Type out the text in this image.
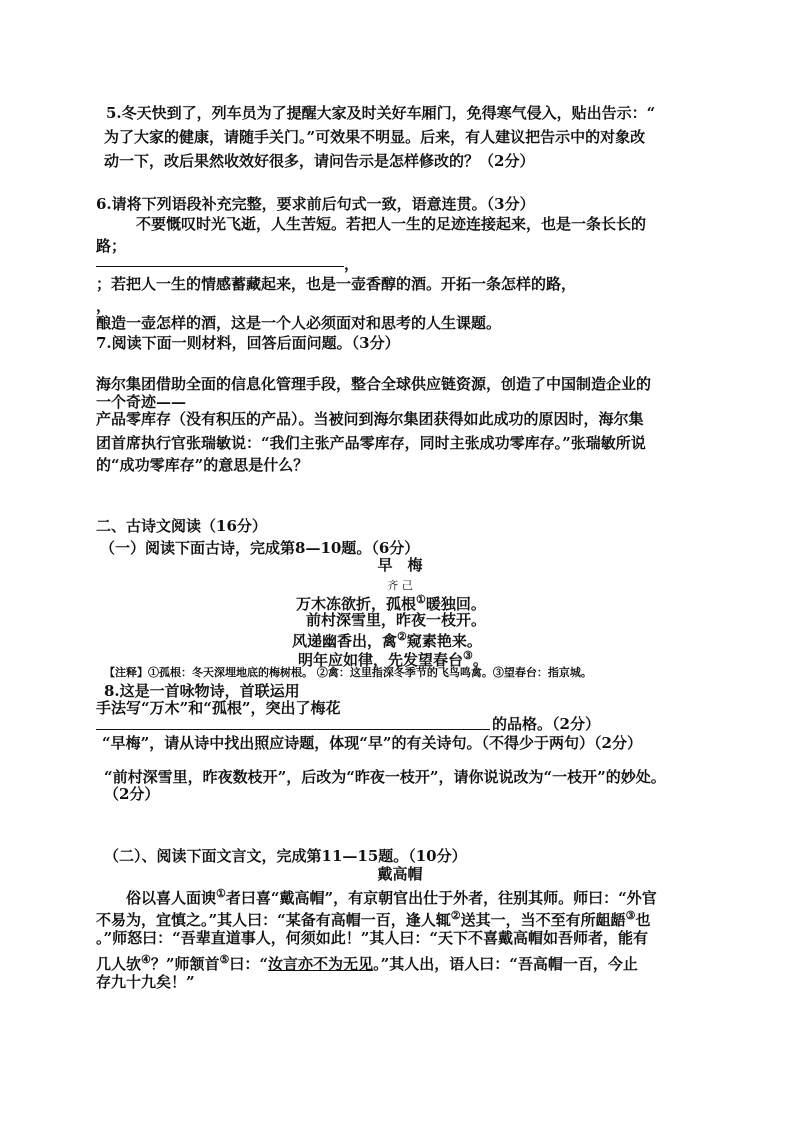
5.冬天快到了，列车员为了提醒大家及时关好车厢门，免得寒气侵入，贴出告示：“
为了大家的健康，请随手关门。”可效果不明显。后来，有人建议把告示中的对象改
动一下，改后果然收效好很多，请问告示是怎样修改的？（2分）
6.请将下列语段补充完整，要求前后句式一致，语意连贯。（3分）
不要慨叹时光飞逝，人生苦短。若把人一生的足迹连接起来，也是一条长长的
路；
，
；若把人一生的情感蓄藏起来，也是一壶香醇的酒。开拓一条怎样的路，
，
酿造一壶怎样的酒，这是一个人必须面对和思考的人生课题。
7.阅读下面一则材料，回答后面问题。（3分）
海尔集团借助全面的信息化管理手段，整合全球供应链资源，创造了中国制造企业的
一个奇迹——
产品零库存（没有积压的产品）。当被问到海尔集团获得如此成功的原因时，海尔集
团首席执行官张瑞敏说：“我们主张产品零库存，同时主张成功零库存。”张瑞敏所说
的“成功零库存”的意思是什么？
二、古诗文阅读（16分）
（一）阅读下面古诗，完成第8—10题。（6分）
早　梅
齐 己
万木冻欲折，孤根①暖独回。
前村深雪里，昨夜一枝开。
风递幽香出，禽②窥素艳来。
明年应如律，先发望春台③。
【注释】①孤根：冬天深埋地底的梅树根。 ②禽：这里指深冬季节的飞鸟鸣禽。③望春台：指京城。
8.这是一首咏物诗，首联运用
手法写“万木”和“孤根”，突出了梅花
的品格。（2分）
“早梅”，请从诗中找出照应诗题，体现“早”的有关诗句。（不得少于两句）（2分）
“前村深雪里，昨夜数枝开”，后改为“昨夜一枝开”，请你说说改为“一枝开”的妙处。
（2分）
（二）、阅读下面文言文，完成第11—15题。（10分）
戴高帽
俗以喜人面谀①者曰喜“戴高帽”，有京朝官出仕于外者，往别其师。师曰：“外官
不易为，宜慎之。”其人曰：“某备有高帽一百，逢人辄②送其一，当不至有所龃龉③也
。”师怒曰：“吾辈直道事人，何须如此！”其人曰：“天下不喜戴高帽如吾师者，能有
几人欤④？”师颔首⑤曰：“汝言亦不为无见。”其人出，语人曰：“吾高帽一百，今止
存九十九矣！”
